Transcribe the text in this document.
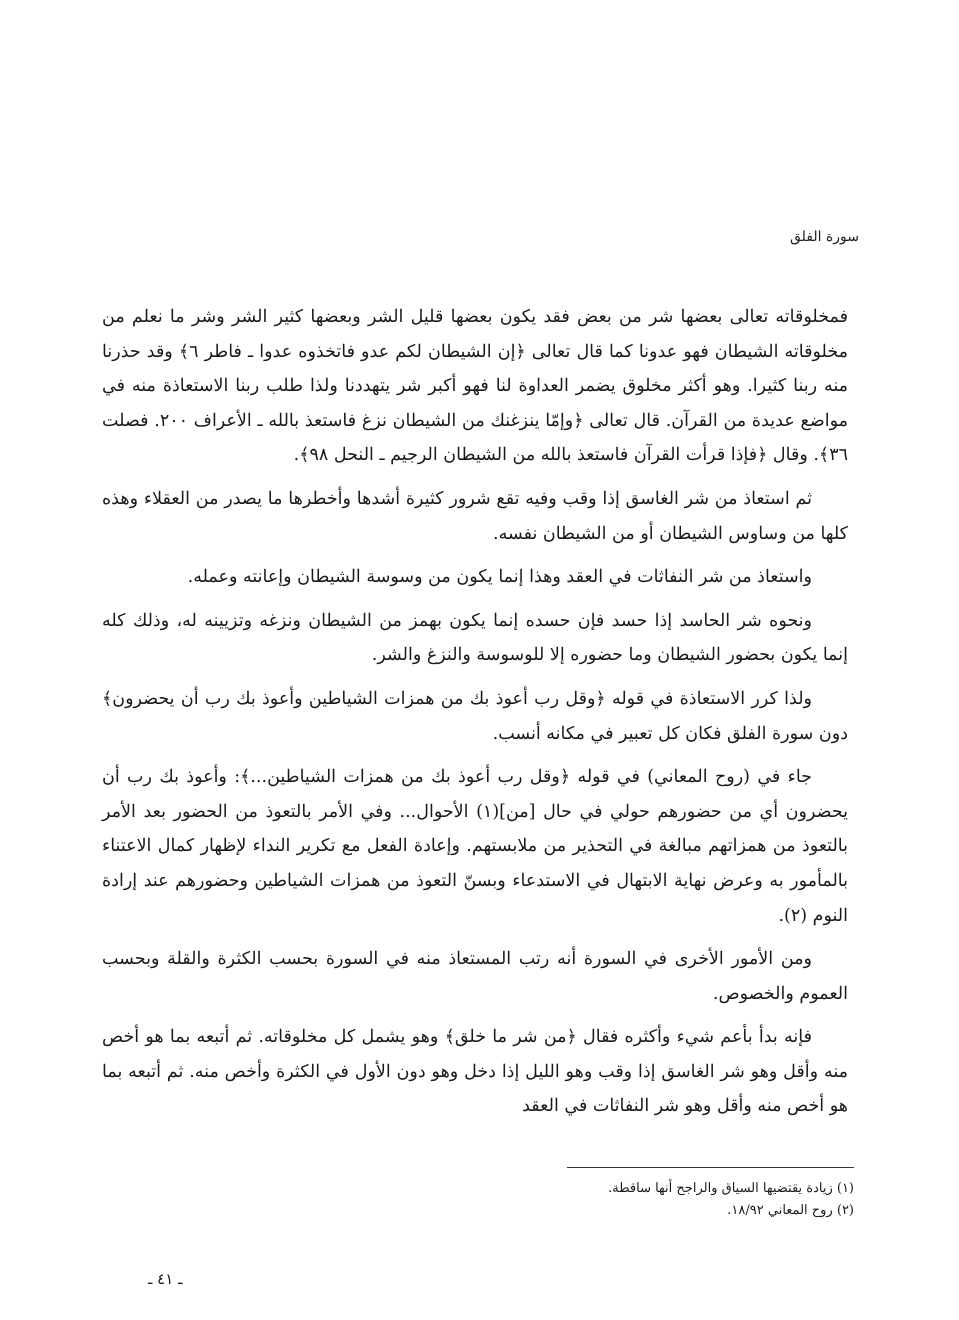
سورة الفلق

فمخلوقاته تعالى بعضها شر من بعض فقد يكون بعضها قليل الشر وبعضها كثير الشر وشر ما نعلم من مخلوقاته الشيطان فهو عدونا كما قال تعالى ﴿إن الشيطان لكم عدو فاتخذوه عدوا ـ فاطر ٦﴾ وقد حذرنا منه ربنا كثيرا. وهو أكثر مخلوق يضمر العداوة لنا فهو أكبر شر يتهددنا ولذا طلب ربنا الاستعاذة منه في مواضع عديدة من القرآن. قال تعالى ﴿وإمّا ينزغنك من الشيطان نزغ فاستعذ بالله ـ الأعراف ٢٠٠. فصلت ٣٦﴾. وقال ﴿فإذا قرأت القرآن فاستعذ بالله من الشيطان الرجيم ـ النحل ٩٨﴾.

ثم استعاذ من شر الغاسق إذا وقب وفيه تقع شرور كثيرة أشدها وأخطرها ما يصدر من العقلاء وهذه كلها من وساوس الشيطان أو من الشيطان نفسه.

واستعاذ من شر النفاثات في العقد وهذا إنما يكون من وسوسة الشيطان وإعانته وعمله.

ونحوه شر الحاسد إذا حسد فإن حسده إنما يكون بهمز من الشيطان ونزغه وتزيينه له، وذلك كله إنما يكون بحضور الشيطان وما حضوره إلا للوسوسة والنزغ والشر.

ولذا كرر الاستعاذة في قوله ﴿وقل رب أعوذ بك من همزات الشياطين وأعوذ بك رب أن يحضرون﴾ دون سورة الفلق فكان كل تعبير في مكانه أنسب.

جاء في (روح المعاني) في قوله ﴿وقل رب أعوذ بك من همزات الشياطين...﴾: وأعوذ بك رب أن يحضرون أي من حضورهم حولي في حال [من](١) الأحوال... وفي الأمر بالتعوذ من الحضور بعد الأمر بالتعوذ من همزاتهم مبالغة في التحذير من ملابستهم. وإعادة الفعل مع تكرير النداء لإظهار كمال الاعتناء بالمأمور به وعرض نهاية الابتهال في الاستدعاء وبسنّ التعوذ من همزات الشياطين وحضورهم عند إرادة النوم (٢).

ومن الأمور الأخرى في السورة أنه رتب المستعاذ منه في السورة بحسب الكثرة والقلة وبحسب العموم والخصوص.

فإنه بدأ بأعم شيء وأكثره فقال ﴿من شر ما خلق﴾ وهو يشمل كل مخلوقاته. ثم أتبعه بما هو أخص منه وأقل وهو شر الغاسق إذا وقب وهو الليل إذا دخل وهو دون الأول في الكثرة وأخص منه. ثم أتبعه بما هو أخص منه وأقل وهو شر النفاثات في العقد

(١) زيادة يقتضيها السياق والراجح أنها ساقطة.
(٢) روح المعاني ١٨/٩٢.
ـ ٤١ ـ
